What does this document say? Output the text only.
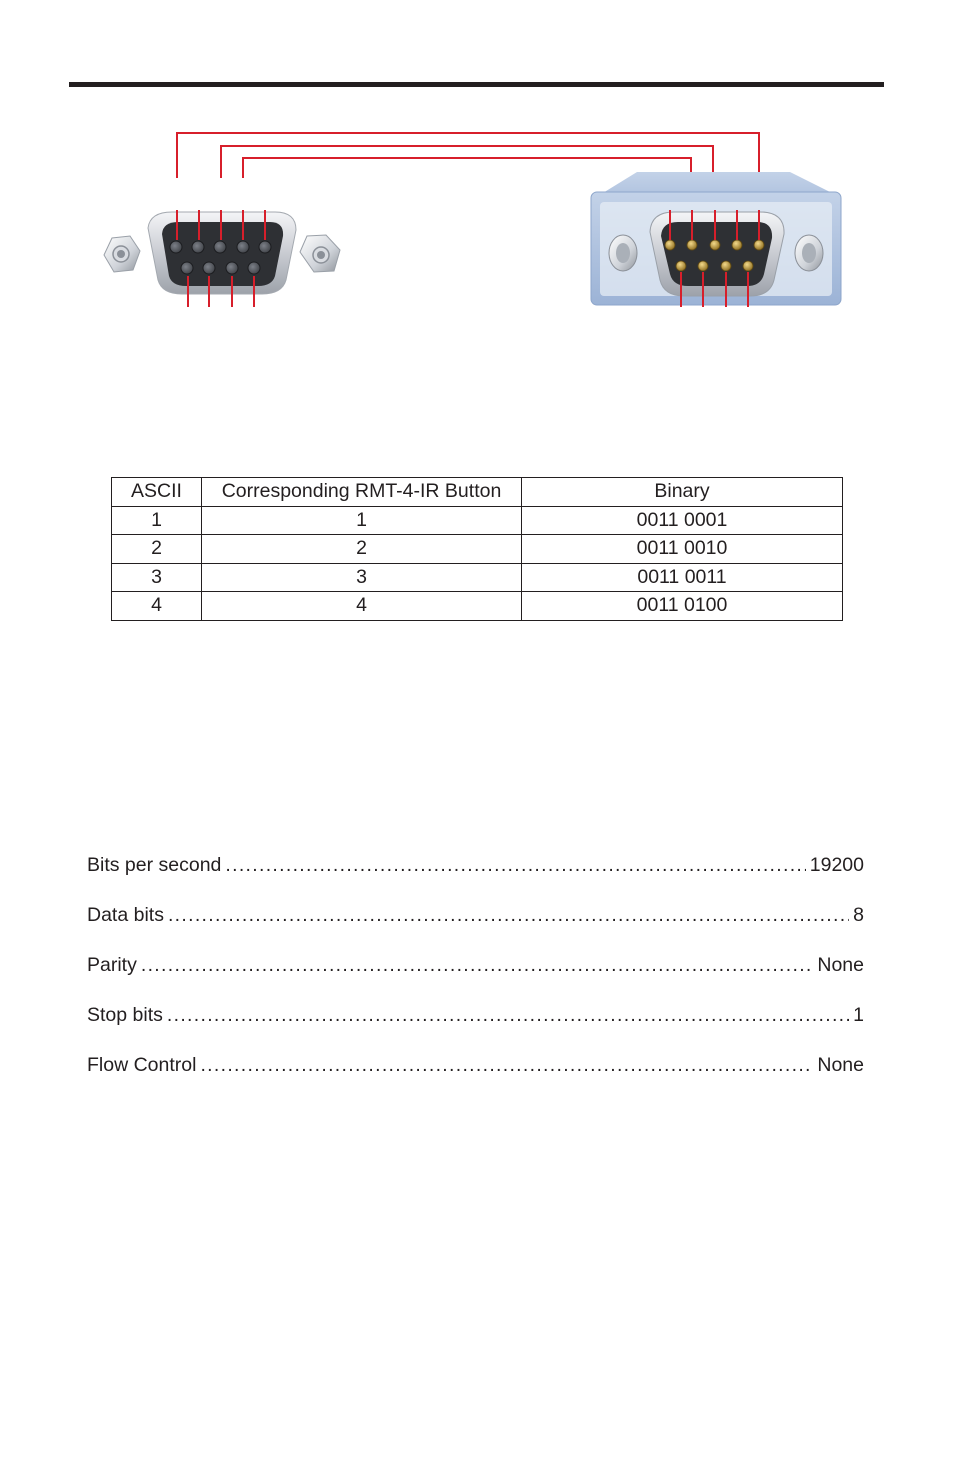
ASCII	Corresponding RMT-4-IR Button	Binary
1	1	0011 0001
2	2	0011 0010
3	3	0011 0011
4	4	0011 0100
Bits per second .....	19200
Data bits .....	8
Parity .....	None
Stop bits .....	1
Flow Control .....	None
